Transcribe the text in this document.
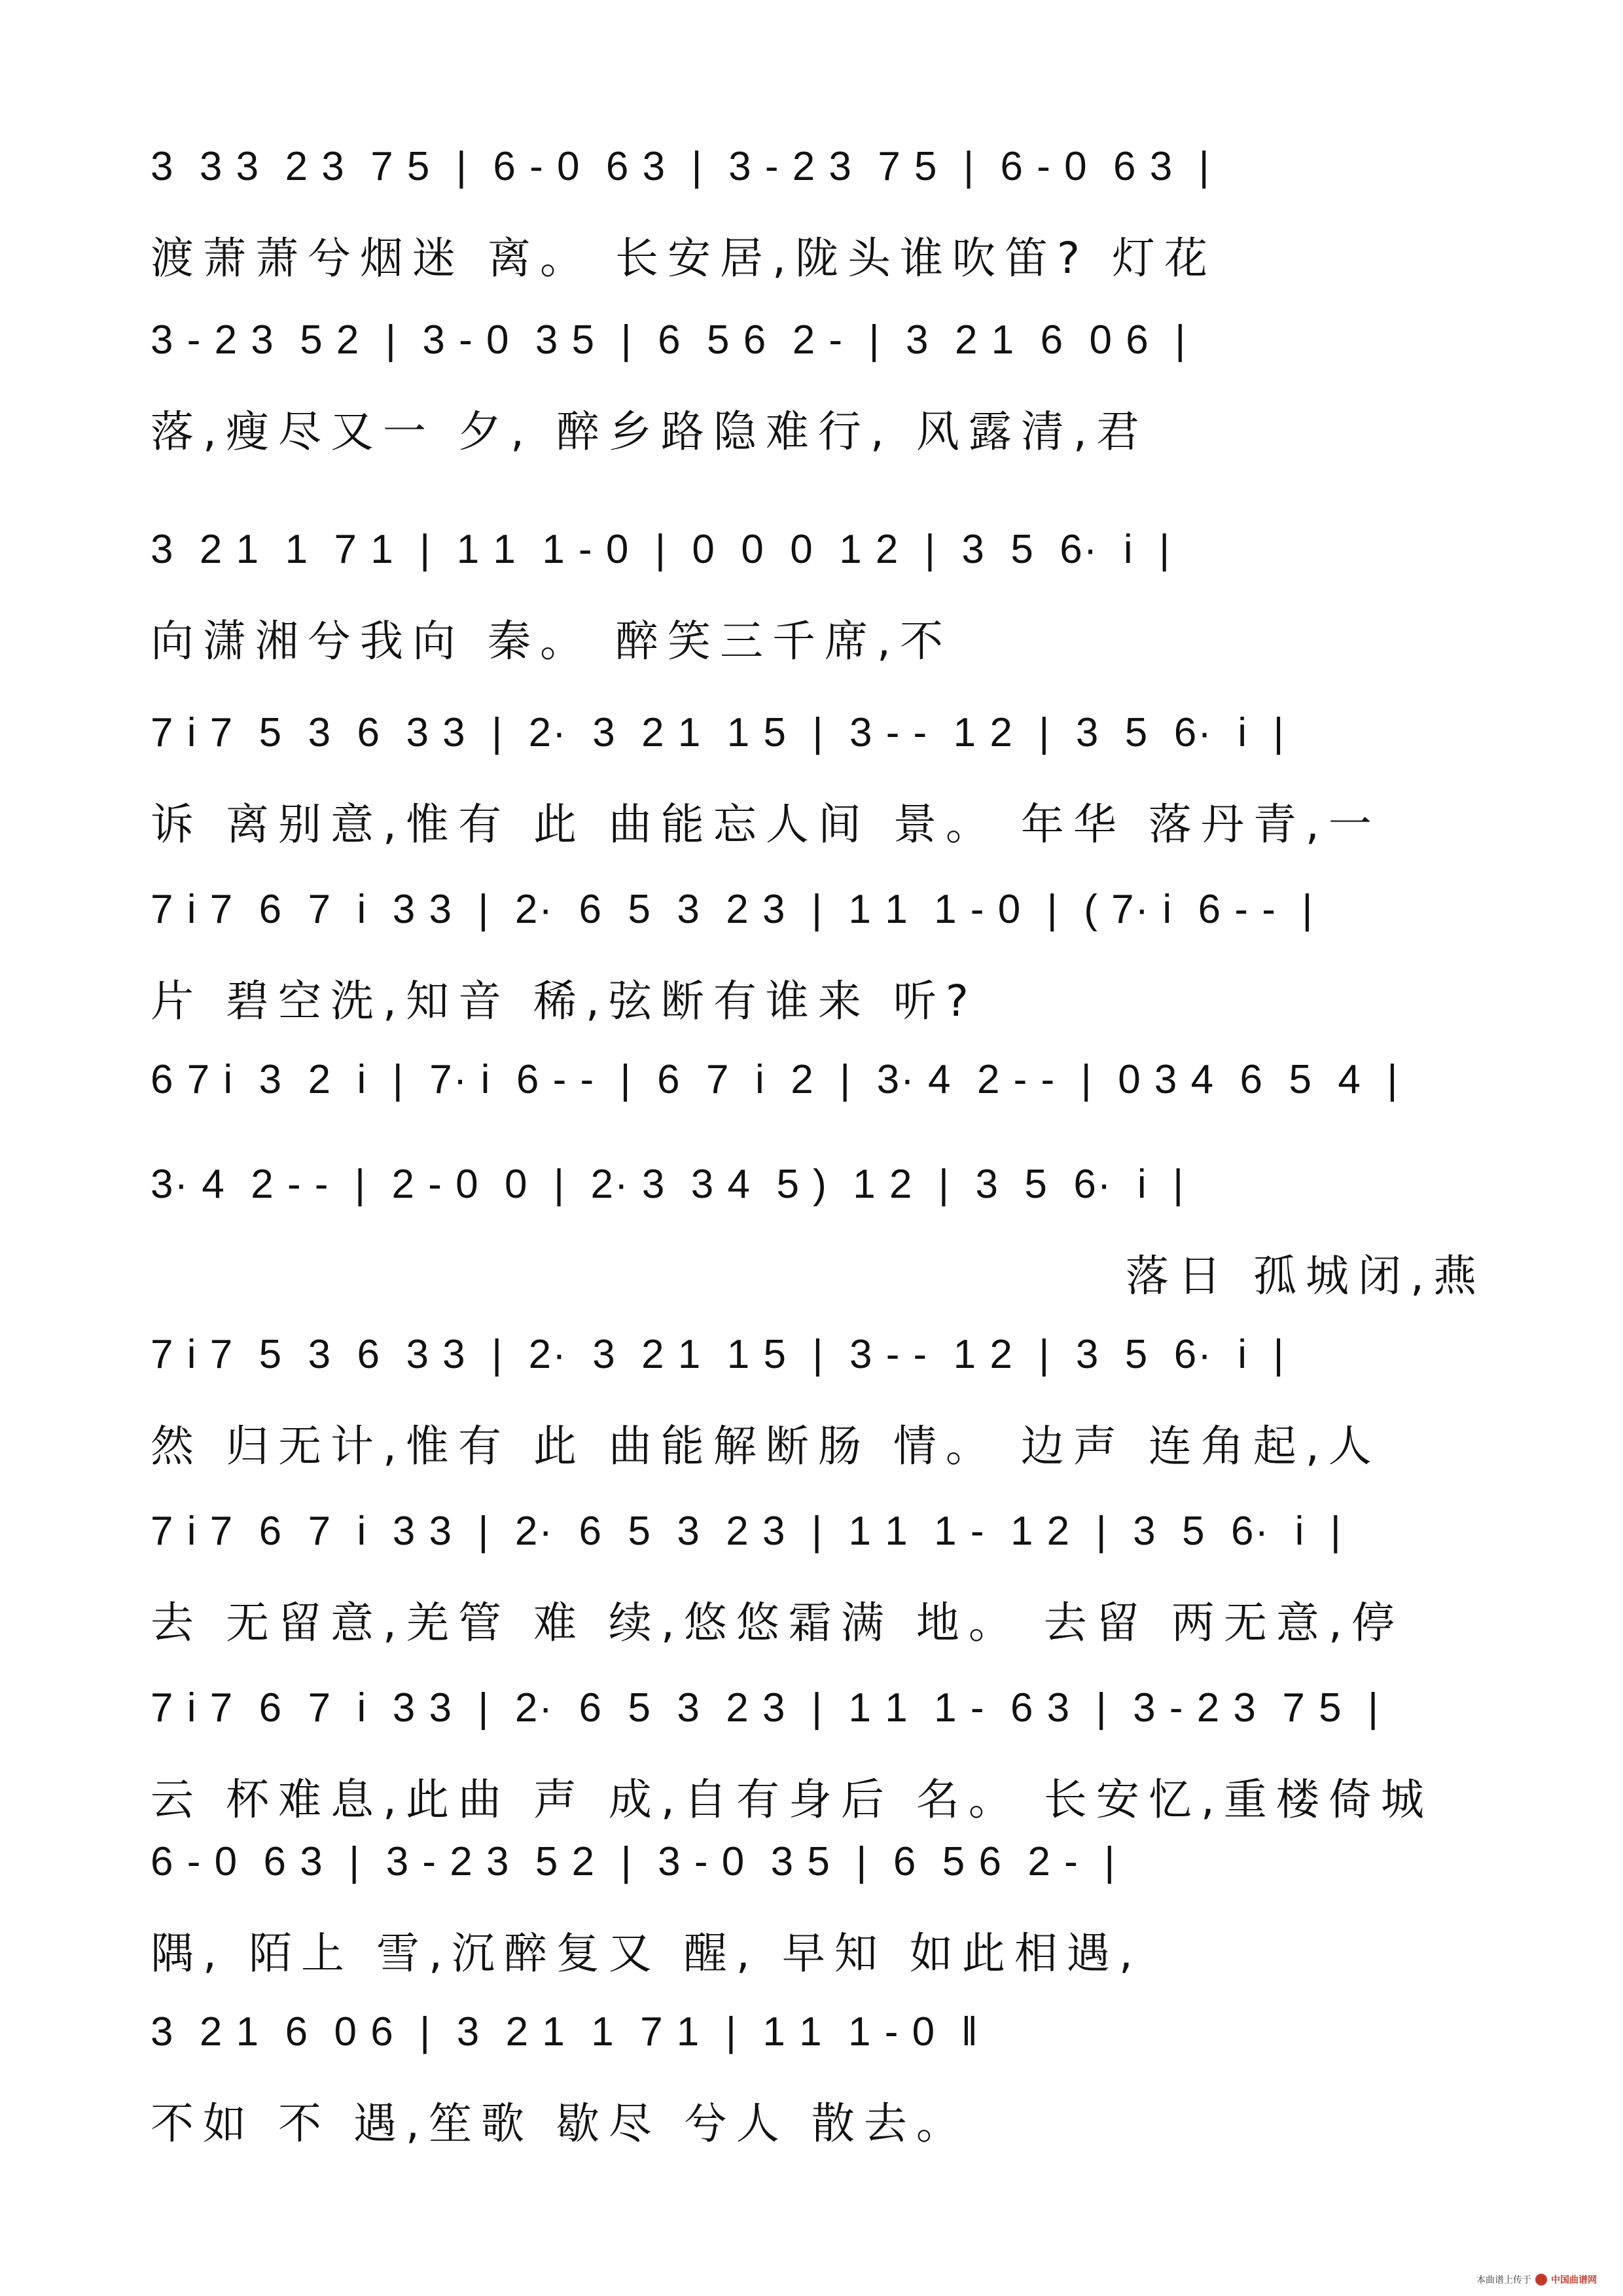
3  3 3  2 3  7 5  |  6 - 0  6 3  |  3 - 2 3  7 5  |  6 - 0  6 3  |
渡萧萧兮烟迷 离。 长安居,陇头谁吹笛? 灯花
3 - 2 3  5 2  |  3 - 0  3 5  |  6  5 6  2 -  |  3  2 1  6  0 6  |
落,瘦尽又一 夕, 醉乡路隐难行, 风露清,君
3  2 1  1  7 1  |  1 1  1 - 0  |  0  0  0  1 2  |  3  5  6·  i  |
向潇湘兮我向 秦。 醉笑三千席,不
7 i 7  5  3  6  3 3  |  2·  3  2 1  1 5  |  3 - -  1 2  |  3  5  6·  i  |
诉 离别意,惟有 此 曲能忘人间 景。 年华 落丹青,一
7 i 7  6  7  i  3 3  |  2·  6  5  3  2 3  |  1 1  1 - 0  |  ( 7· i  6 - -  |
片 碧空洗,知音 稀,弦断有谁来 听?
6 7 i  3  2  i  |  7· i  6 - -  |  6  7  i  2  |  3· 4  2 - -  |  0 3 4  6  5  4  |
3· 4  2 - -  |  2 - 0  0  |  2· 3  3 4  5 )  1 2  |  3  5  6·  i  |
落日 孤城闭,燕
7 i 7  5  3  6  3 3  |  2·  3  2 1  1 5  |  3 - -  1 2  |  3  5  6·  i  |
然 归无计,惟有 此 曲能解断肠 情。 边声 连角起,人
7 i 7  6  7  i  3 3  |  2·  6  5  3  2 3  |  1 1  1 -  1 2  |  3  5  6·  i  |
去 无留意,羌管 难 续,悠悠霜满 地。 去留 两无意,停
7 i 7  6  7  i  3 3  |  2·  6  5  3  2 3  |  1 1  1 -  6 3  |  3 - 2 3  7 5  |
云 杯难息,此曲 声 成,自有身后 名。 长安忆,重楼倚城
6 - 0  6 3  |  3 - 2 3  5 2  |  3 - 0  3 5  |  6  5 6  2 -  |
隅, 陌上 雪,沉醉复又 醒, 早知 如此相遇,
3  2 1  6  0 6  |  3  2 1  1  7 1  |  1 1  1 - 0  ‖
不如 不 遇,笙歌 歇尽 兮人 散去。
本曲谱上传于 中国曲谱网
